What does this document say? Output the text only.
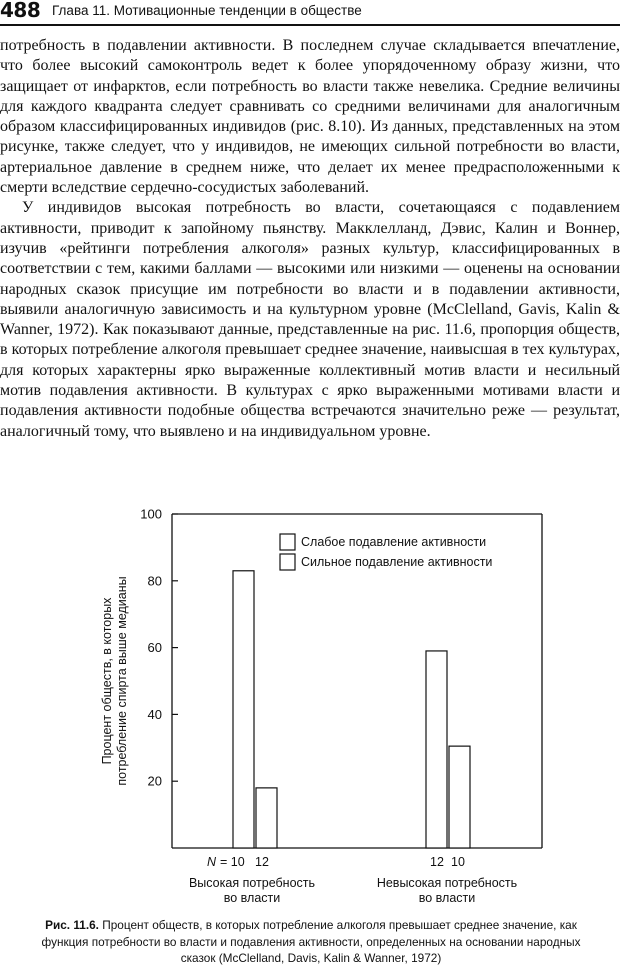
488 Глава 11. Мотивационные тенденции в обществе

потребность в подавлении активности. В последнем случае складывается впечатление, что более высокий самоконтроль ведет к более упорядоченному образу жизни, что защищает от инфарктов, если потребность во власти также невелика. Средние величины для каждого квадранта следует сравнивать со средними величинами для аналогичным образом классифицированных индивидов (рис. 8.10). Из данных, представленных на этом рисунке, также следует, что у индивидов, не имеющих сильной потребности во власти, артериальное давление в среднем ниже, что делает их менее предрасположенными к смерти вследствие сердечно-сосудистых заболеваний.

У индивидов высокая потребность во власти, сочетающаяся с подавлением активности, приводит к запойному пьянству. Макклелланд, Дэвис, Калин и Воннер, изучив «рейтинги потребления алкоголя» разных культур, классифицированных в соответствии с тем, какими баллами — высокими или низкими — оценены на основании народных сказок присущие им потребности во власти и в подавлении активности, выявили аналогичную зависимость и на культурном уровне (McClelland, Gavis, Kalin & Wanner, 1972). Как показывают данные, представленные на рис. 11.6, пропорция обществ, в которых потребление алкоголя превышает среднее значение, наивысшая в тех культурах, для которых характерны ярко выраженные коллективный мотив власти и несильный мотив подавления активности. В культурах с ярко выраженными мотивами власти и подавления активности подобные общества встречаются значительно реже — результат, аналогичный тому, что выявлено и на индивидуальном уровне.

20
40
60
80
100
Процент обществ, в которых потребление спирта выше медианы
Слабое подавление активности
Сильное подавление активности
N = 10 12	12 10
Высокая потребность
во власти
Невысокая потребность
во власти
Рис. 11.6. Процент обществ, в которых потребление алкоголя превышает среднее значение, как функция потребности во власти и подавления активности, определенных на основании народных сказок (McClelland, Davis, Kalin & Wanner, 1972)
